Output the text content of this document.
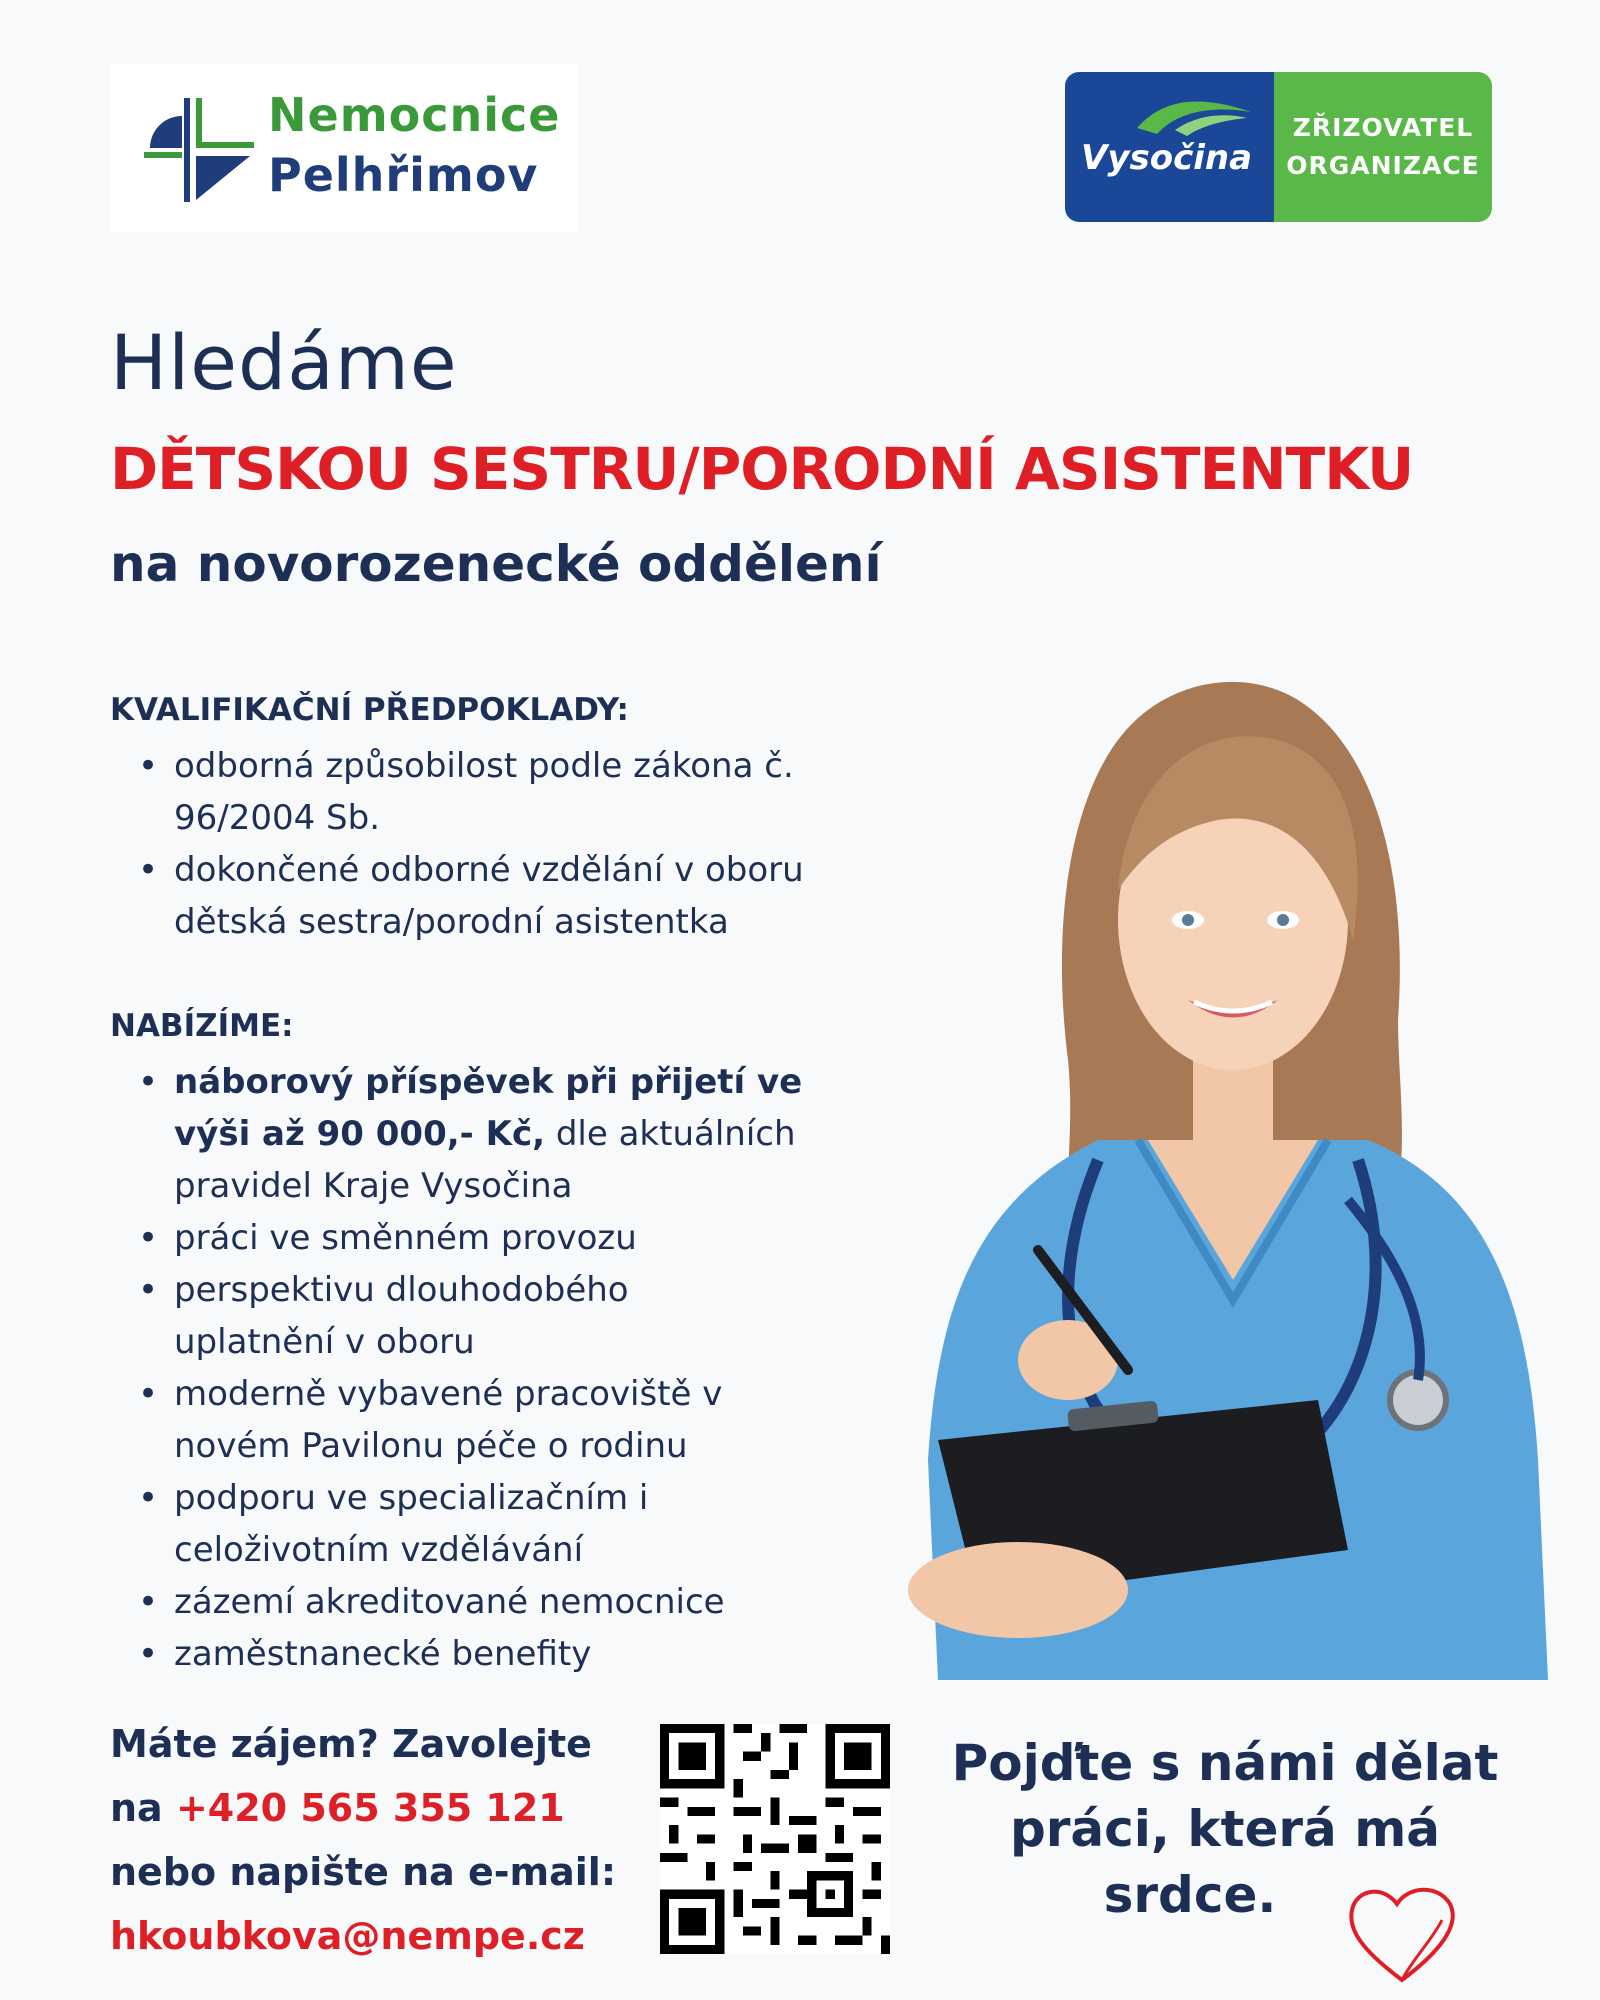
Nemocnice
Pelhřimov	Vysočina
ZŘIZOVATEL
ORGANIZACE
Hledáme
DĚTSKOU SESTRU/PORODNÍ ASISTENTKU
na novorozenecké oddělení
KVALIFIKAČNÍ PŘEDPOKLADY:
• odborná způsobilost podle zákona č.
96/2004 Sb.
• dokončené odborné vzdělání v oboru
dětská sestra/porodní asistentka
NABÍZÍME:
• náborový příspěvek při přijetí ve
výši až 90 000,- Kč, dle aktuálních
pravidel Kraje Vysočina
• práci ve směnném provozu
• perspektivu dlouhodobého
uplatnění v oboru
• moderně vybavené pracoviště v
novém Pavilonu péče o rodinu
• podporu ve specializačním i
celoživotním vzdělávání
• zázemí akreditované nemocnice
• zaměstnanecké benefity
Máte zájem? Zavolejte
na +420 565 355 121
nebo napište na e-mail:
hkoubkova@nempe.cz
Pojďte s námi dělat
práci, která má
srdce.
